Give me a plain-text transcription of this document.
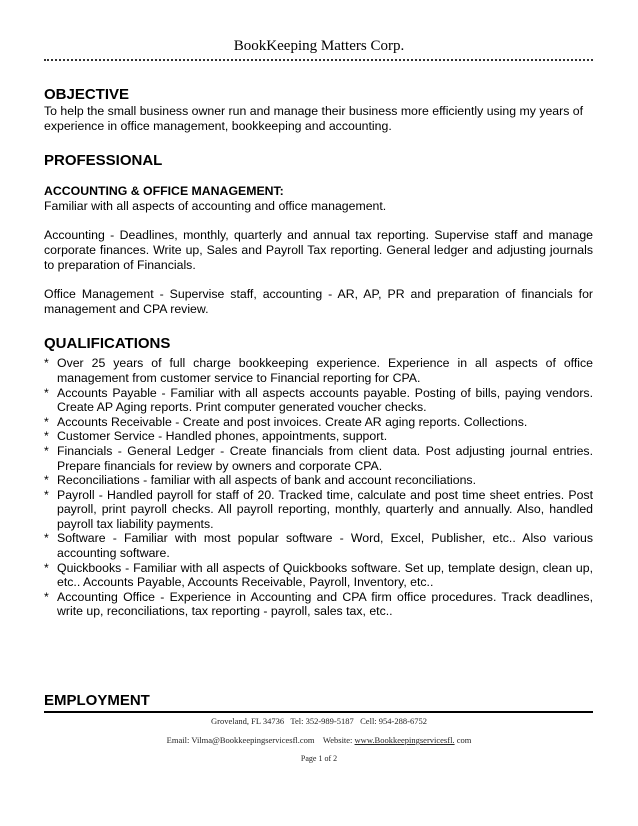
BookKeeping Matters Corp.
OBJECTIVE

To help the small business owner run and manage their business more efficiently using my years of experience in office management, bookkeeping and accounting.

PROFESSIONAL
ACCOUNTING & OFFICE MANAGEMENT:

Familiar with all aspects of accounting and office management.

Accounting - Deadlines, monthly, quarterly and annual tax reporting. Supervise staff and manage corporate finances. Write up, Sales and Payroll Tax reporting. General ledger and adjusting journals to preparation of Financials.

Office Management - Supervise staff, accounting - AR, AP, PR and preparation of financials for management and CPA review.

QUALIFICATIONS
* Over 25 years of full charge bookkeeping experience. Experience in all aspects of office management from customer service to Financial reporting for CPA.
* Accounts Payable - Familiar with all aspects accounts payable. Posting of bills, paying vendors. Create AP Aging reports. Print computer generated voucher checks.
* Accounts Receivable - Create and post invoices. Create AR aging reports. Collections.
* Customer Service - Handled phones, appointments, support.
* Financials - General Ledger - Create financials from client data. Post adjusting journal entries. Prepare financials for review by owners and corporate CPA.
* Reconciliations - familiar with all aspects of bank and account reconciliations.
* Payroll - Handled payroll for staff of 20. Tracked time, calculate and post time sheet entries. Post payroll, print payroll checks. All payroll reporting, monthly, quarterly and annually. Also, handled payroll tax liability payments.
* Software - Familiar with most popular software - Word, Excel, Publisher, etc.. Also various accounting software.
* Quickbooks - Familiar with all aspects of Quickbooks software. Set up, template design, clean up, etc.. Accounts Payable, Accounts Receivable, Payroll, Inventory, etc..
* Accounting Office - Experience in Accounting and CPA firm office procedures. Track deadlines, write up, reconciliations, tax reporting - payroll, sales tax, etc..
EMPLOYMENT
Groveland, FL 34736 Tel: 352-989-5187 Cell: 954-288-6752
Email: Vilma@Bookkeepingservicesfl.com Website: www.Bookkeepingservicesfl. com
Page 1 of 2
